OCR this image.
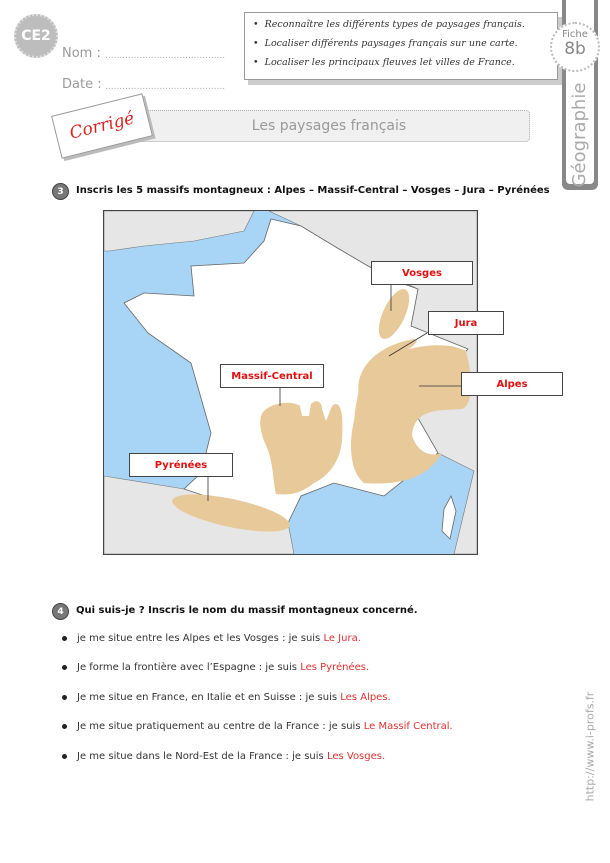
CE2
Nom : ..........................................
Date : ..........................................
•  Reconnaître les différents types de paysages français.
•  Localiser différents paysages français sur une carte.
•  Localiser les principaux fleuves let villes de France.
Fiche
8b
Géographie
Les paysages français
Corrigé
3	Inscris les 5 massifs montagneux : Alpes – Massif-Central – Vosges – Jura – Pyrénées
Vosges
Jura
Alpes
Massif-Central
Pyrénées
4	Qui suis-je ? Inscris le nom du massif montagneux concerné.
je me situe entre les Alpes et les Vosges : je suis Le Jura.
Je forme la frontière avec l’Espagne : je suis Les Pyrénées.
Je me situe en France, en Italie et en Suisse : je suis Les Alpes.
Je me situe pratiquement au centre de la France : je suis Le Massif Central.
Je me situe dans le Nord-Est de la France : je suis Les Vosges.	http://www.i-profs.fr
